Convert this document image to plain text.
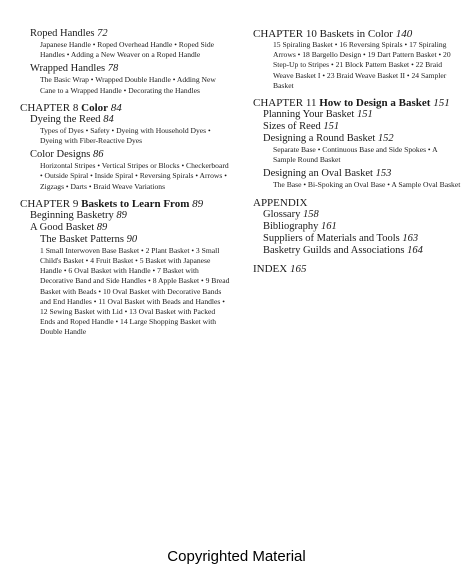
Roped Handles 72
Japanese Handle • Roped Overhead Handle • Roped Side Handles • Adding a New Weaver on a Roped Handle
Wrapped Handles 78
The Basic Wrap • Wrapped Double Handle • Adding New Cane to a Wrapped Handle • Decorating the Handles
CHAPTER 8 Color 84
Dyeing the Reed 84
Types of Dyes • Safety • Dyeing with Household Dyes • Dyeing with Fiber-Reactive Dyes
Color Designs 86
Horizontal Stripes • Vertical Stripes or Blocks • Checkerboard • Outside Spiral • Inside Spiral • Reversing Spirals • Arrows • Zigzags • Darts • Braid Weave Variations
CHAPTER 9 Baskets to Learn From 89
Beginning Basketry 89
A Good Basket 89
The Basket Patterns 90
1 Small Interwoven Base Basket • 2 Plant Basket • 3 Small Child's Basket • 4 Fruit Basket • 5 Basket with Japanese Handle • 6 Oval Basket with Handle • 7 Basket with Decorative Band and Side Handles • 8 Apple Basket • 9 Bread Basket with Beads • 10 Oval Basket with Decorative Bands and End Handles • 11 Oval Basket with Beads and Handles • 12 Sewing Basket with Lid • 13 Oval Basket with Packed Ends and Roped Handle • 14 Large Shopping Basket with Double Handle
CHAPTER 10 Baskets in Color 140
15 Spiraling Basket • 16 Reversing Spirals • 17 Spiraling Arrows • 18 Bargello Design • 19 Dart Pattern Basket • 20 Step-Up to Stripes • 21 Block Pattern Basket • 22 Braid Weave Basket I • 23 Braid Weave Basket II • 24 Sampler Basket
CHAPTER 11 How to Design a Basket 151
Planning Your Basket 151
Sizes of Reed 151
Designing a Round Basket 152
Separate Base • Continuous Base and Side Spokes • A Sample Round Basket
Designing an Oval Basket 153
The Base • Bi-Spoking an Oval Base • A Sample Oval Basket
APPENDIX
Glossary 158
Bibliography 161
Suppliers of Materials and Tools 163
Basketry Guilds and Associations 164
INDEX 165
Copyrighted Material
